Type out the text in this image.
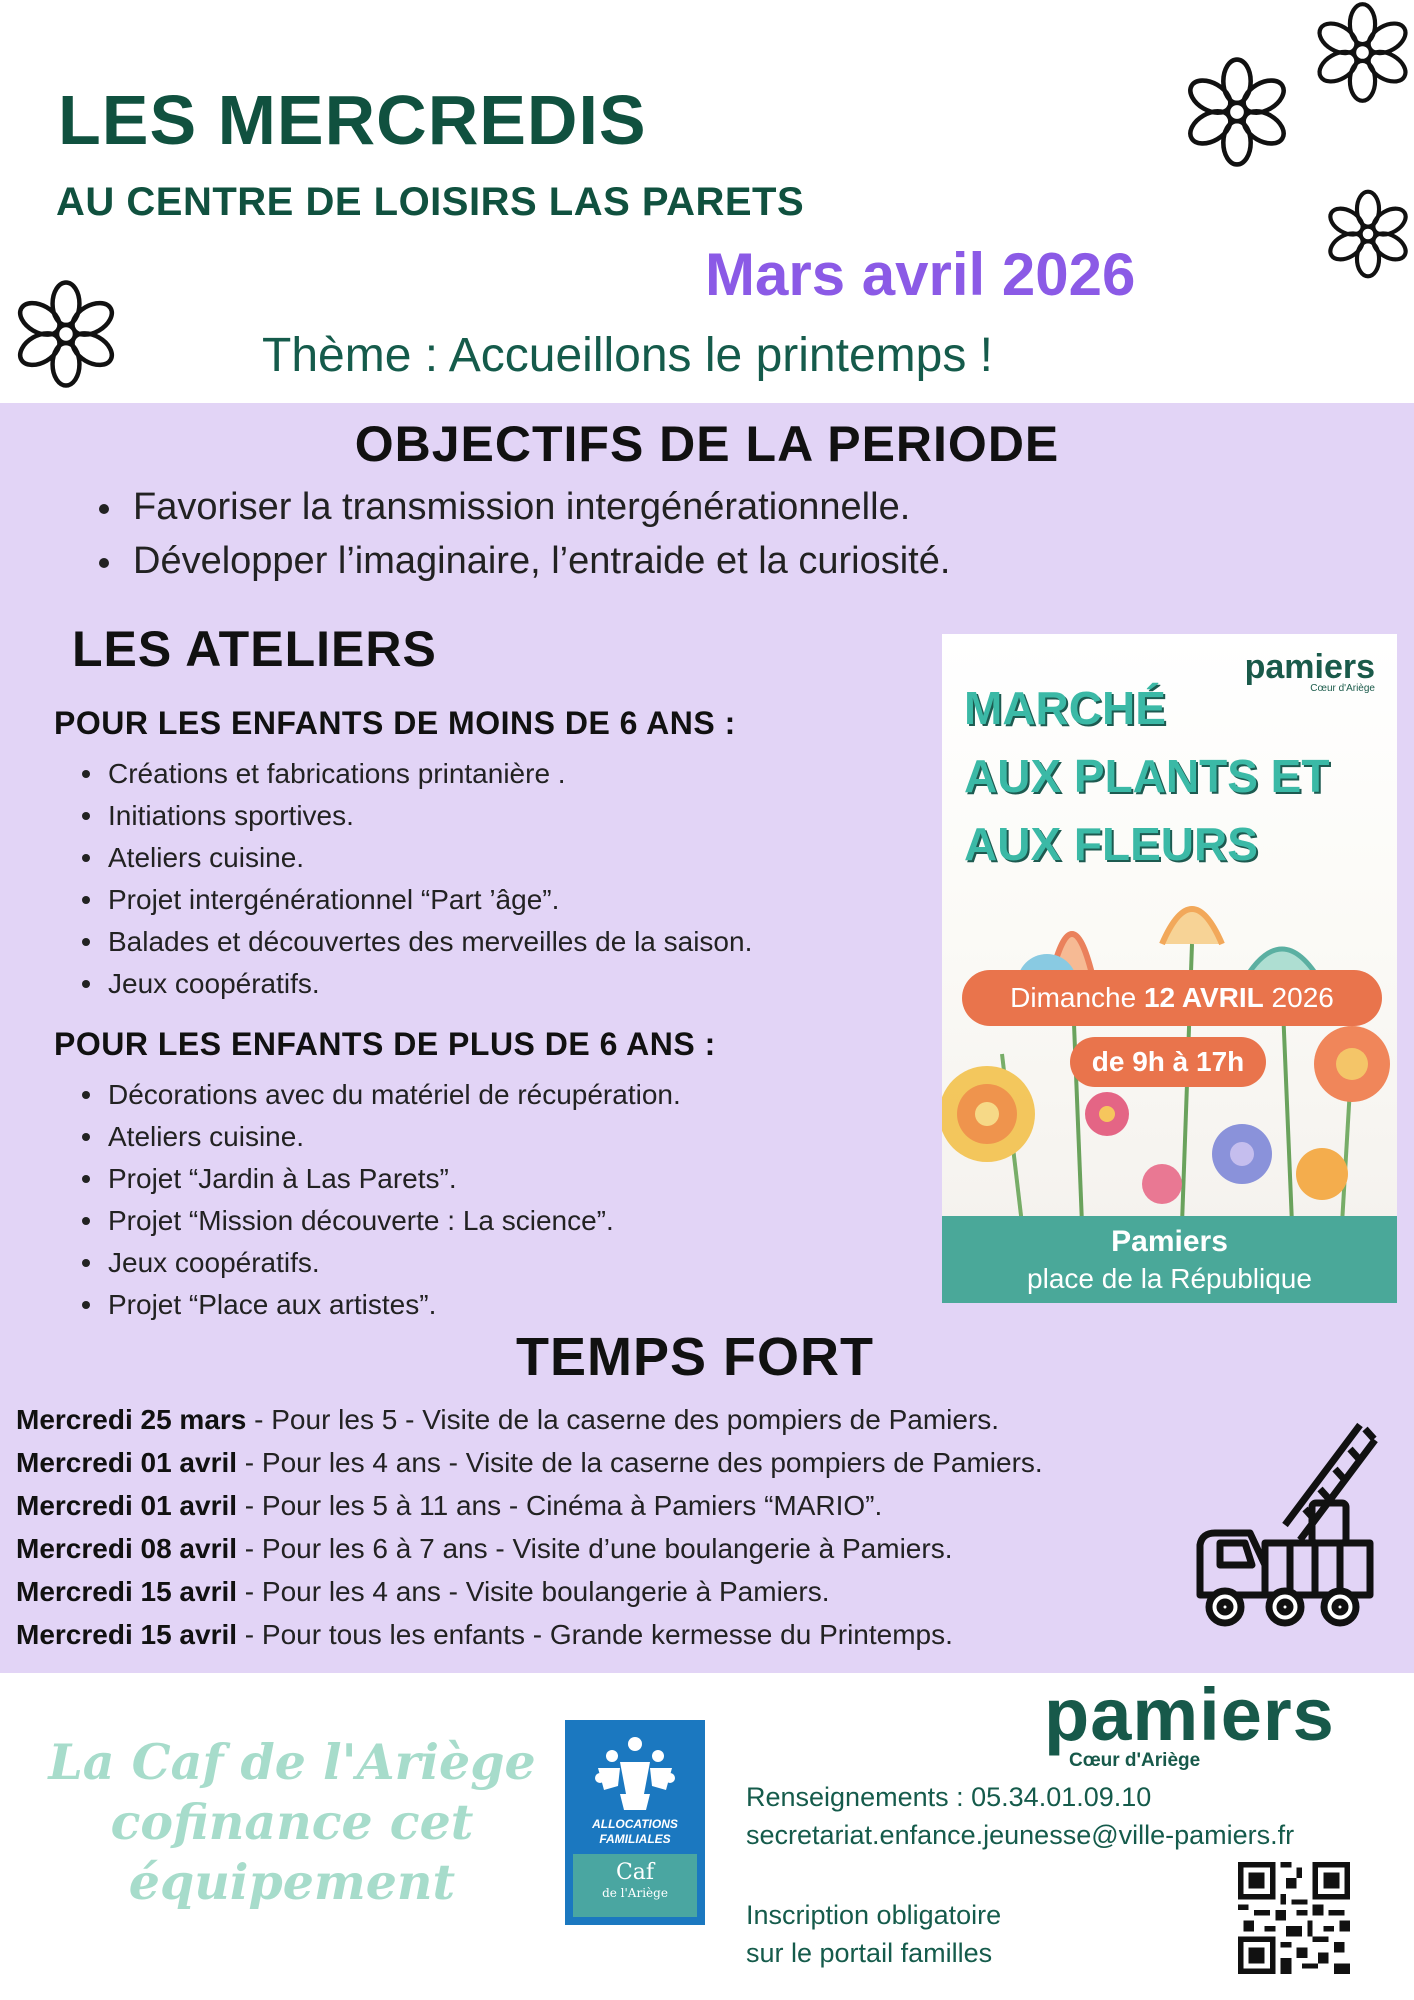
LES MERCREDIS
AU CENTRE DE LOISIRS LAS PARETS
Mars avril 2026
Thème : Accueillons le printemps !
OBJECTIFS DE LA PERIODE
Favoriser la transmission intergénérationnelle.
Développer l’imaginaire, l’entraide et la curiosité.
LES ATELIERS
POUR LES ENFANTS DE MOINS DE 6 ANS :
Créations et fabrications printanière .
Initiations sportives.
Ateliers cuisine.
Projet intergénérationnel “Part ’âge”.
Balades et découvertes des merveilles de la saison.
Jeux coopératifs.
POUR LES ENFANTS DE PLUS DE 6 ANS :
Décorations avec du matériel de récupération.
Ateliers cuisine.
Projet “Jardin à Las Parets”.
Projet “Mission découverte : La science”.
Jeux coopératifs.
Projet “Place aux artistes”.
pamiers
Cœur d'Ariège
MARCHÉ
AUX PLANTS ET
AUX FLEURS
Dimanche 12 AVRIL 2026
de 9h à 17h
Pamiers
place de la République
TEMPS FORT
Mercredi 25 mars - Pour les 5 - Visite de la caserne des pompiers de Pamiers.
Mercredi 01 avril - Pour les 4 ans - Visite de la caserne des pompiers de Pamiers.
Mercredi 01 avril - Pour les 5 à 11 ans - Cinéma à Pamiers “MARIO”.
Mercredi 08 avril - Pour les 6 à 7 ans - Visite d’une boulangerie à Pamiers.
Mercredi 15 avril - Pour les 4 ans - Visite boulangerie à Pamiers.
Mercredi 15 avril - Pour tous les enfants - Grande kermesse du Printemps.
La Caf de l'Ariège
cofinance cet
équipement
ALLOCATIONS
FAMILIALES
Caf
de l'Ariège
pamiers
Cœur d'Ariège
Renseignements : 05.34.01.09.10
secretariat.enfance.jeunesse@ville-pamiers.fr
Inscription obligatoire
sur le portail familles
